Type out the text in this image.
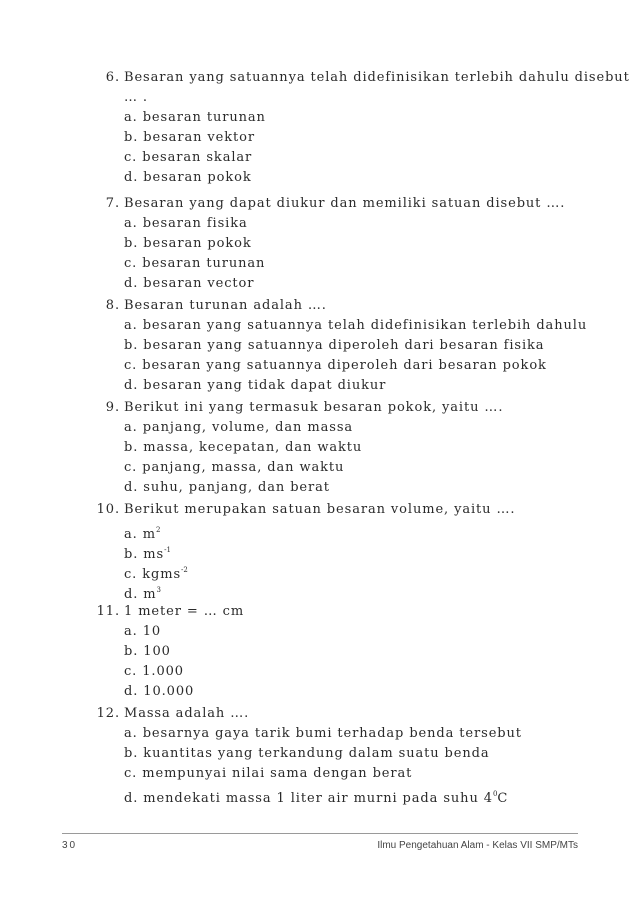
6. Besaran yang satuannya telah didefinisikan terlebih dahulu disebut
… .
a. besaran turunan
b. besaran vektor
c. besaran skalar
d. besaran pokok
7. Besaran yang dapat diukur dan memiliki satuan disebut ….
a. besaran fisika
b. besaran pokok
c. besaran turunan
d. besaran vector
8. Besaran turunan adalah ….
a. besaran yang satuannya telah didefinisikan terlebih dahulu
b. besaran yang satuannya diperoleh dari besaran fisika
c. besaran yang satuannya diperoleh dari besaran pokok
d. besaran yang tidak dapat diukur
9. Berikut ini yang termasuk besaran pokok, yaitu ….
a. panjang, volume, dan massa
b. massa, kecepatan, dan waktu
c. panjang, massa, dan waktu
d. suhu, panjang, dan berat
10. Berikut merupakan satuan besaran volume, yaitu ….
a. $m^2$
b. $ms^{-1}$
c. kgms$^{-2}$
d. $m^3$
11. 1 meter = … cm
a. 10
b. 100
c. 1.000
d. 10.000
12. Massa adalah ….
a. besarnya gaya tarik bumi terhadap benda tersebut
b. kuantitas yang terkandung dalam suatu benda
c. mempunyai nilai sama dengan berat
d. mendekati massa 1 liter air murni pada suhu $4^0C$
30	Ilmu Pengetahuan Alam - Kelas VII SMP/MTs
